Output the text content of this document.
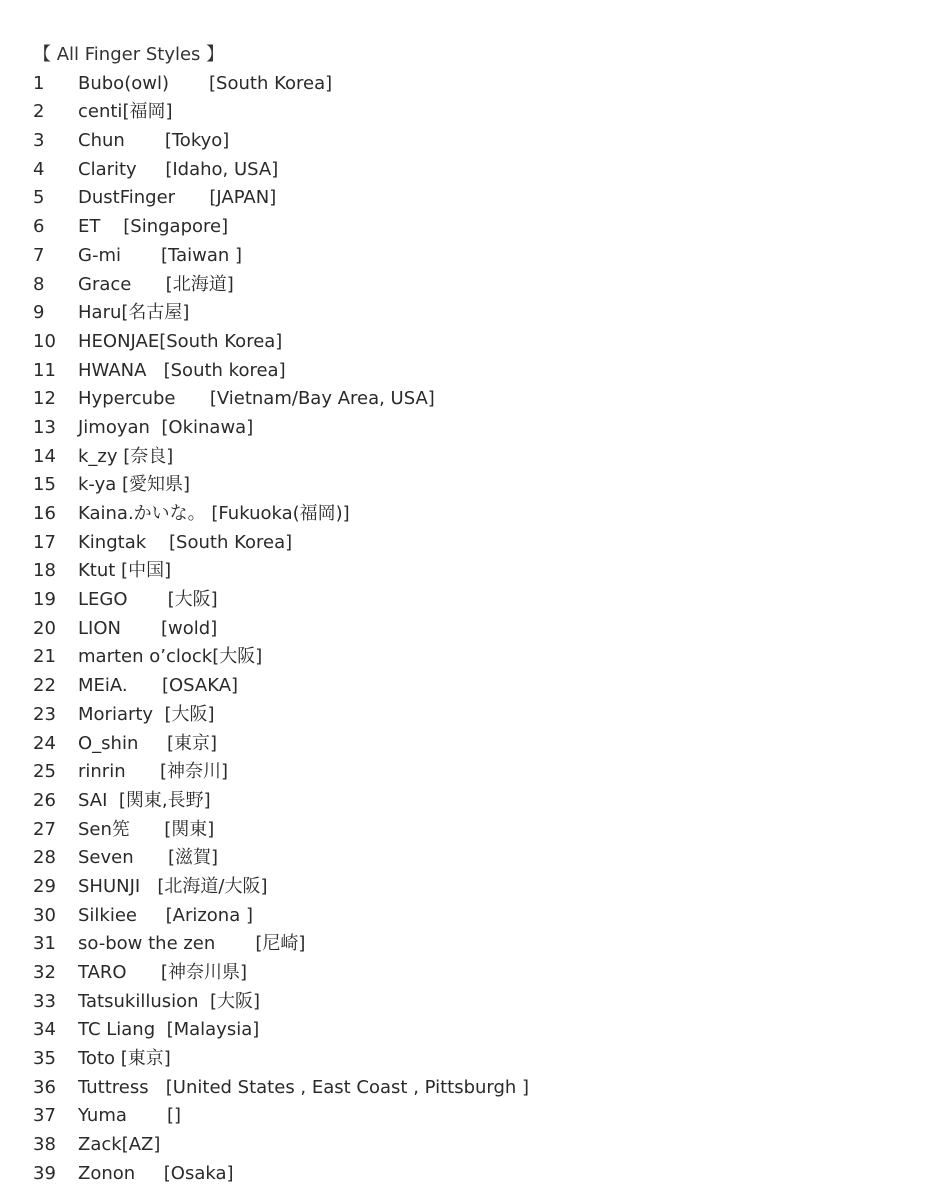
【 All Finger Styles 】
1	Bubo(owl)       [South Korea]
2	centi[福岡]
3	Chun       [Tokyo]
4	Clarity     [Idaho, USA]
5	DustFinger      [JAPAN]
6	ET    [Singapore]
7	G-mi       [Taiwan ]
8	Grace      [北海道]
9	Haru[名古屋]
10	HEONJAE[South Korea]
11	HWANA   [South korea]
12	Hypercube      [Vietnam/Bay Area, USA]
13	Jimoyan  [Okinawa]
14	k_zy [奈良]
15	k-ya [愛知県]
16	Kaina.かいな。 [Fukuoka(福岡)]
17	Kingtak    [South Korea]
18	Ktut [中国]
19	LEGO       [大阪]
20	LION       [wold]
21	marten o’clock[大阪]
22	MEiA.      [OSAKA]
23	Moriarty  [大阪]
24	O_shin     [東京]
25	rinrin      [神奈川]
26	SAI  [関東,長野]
27	Sen筅      [関東]
28	Seven      [滋賀]
29	SHUNJI   [北海道/大阪]
30	Silkiee     [Arizona ]
31	so-bow the zen       [尼崎]
32	TARO      [神奈川県]
33	Tatsukillusion  [大阪]
34	TC Liang  [Malaysia]
35	Toto [東京]
36	Tuttress   [United States , East Coast , Pittsburgh ]
37	Yuma       []
38	Zack[AZ]
39	Zonon     [Osaka]
